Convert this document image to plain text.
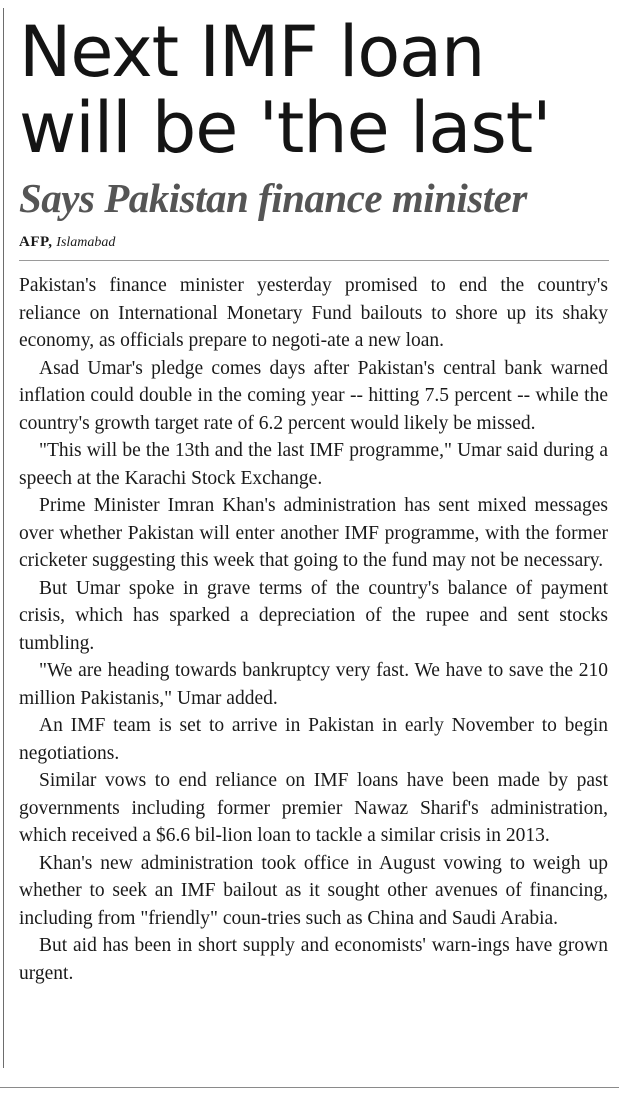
Next IMF loan
will be 'the last'
Says Pakistan finance minister
AFP, Islamabad

Pakistan's finance minister yesterday promised to end the country's reliance on International Monetary Fund bailouts to shore up its shaky economy, as officials prepare to negoti-ate a new loan.

Asad Umar's pledge comes days after Pakistan's central bank warned inflation could double in the coming year -- hitting 7.5 percent -- while the country's growth target rate of 6.2 percent would likely be missed.

"This will be the 13th and the last IMF programme," Umar said during a speech at the Karachi Stock Exchange.

Prime Minister Imran Khan's administration has sent mixed messages over whether Pakistan will enter another IMF programme, with the former cricketer suggesting this week that going to the fund may not be necessary.

But Umar spoke in grave terms of the country's balance of payment crisis, which has sparked a depreciation of the rupee and sent stocks tumbling.

"We are heading towards bankruptcy very fast. We have to save the 210 million Pakistanis," Umar added.

An IMF team is set to arrive in Pakistan in early November to begin negotiations.

Similar vows to end reliance on IMF loans have been made by past governments including former premier Nawaz Sharif's administration, which received a $6.6 bil-lion loan to tackle a similar crisis in 2013.

Khan's new administration took office in August vowing to weigh up whether to seek an IMF bailout as it sought other avenues of financing, including from "friendly" coun-tries such as China and Saudi Arabia.

But aid has been in short supply and economists' warn-ings have grown urgent.
